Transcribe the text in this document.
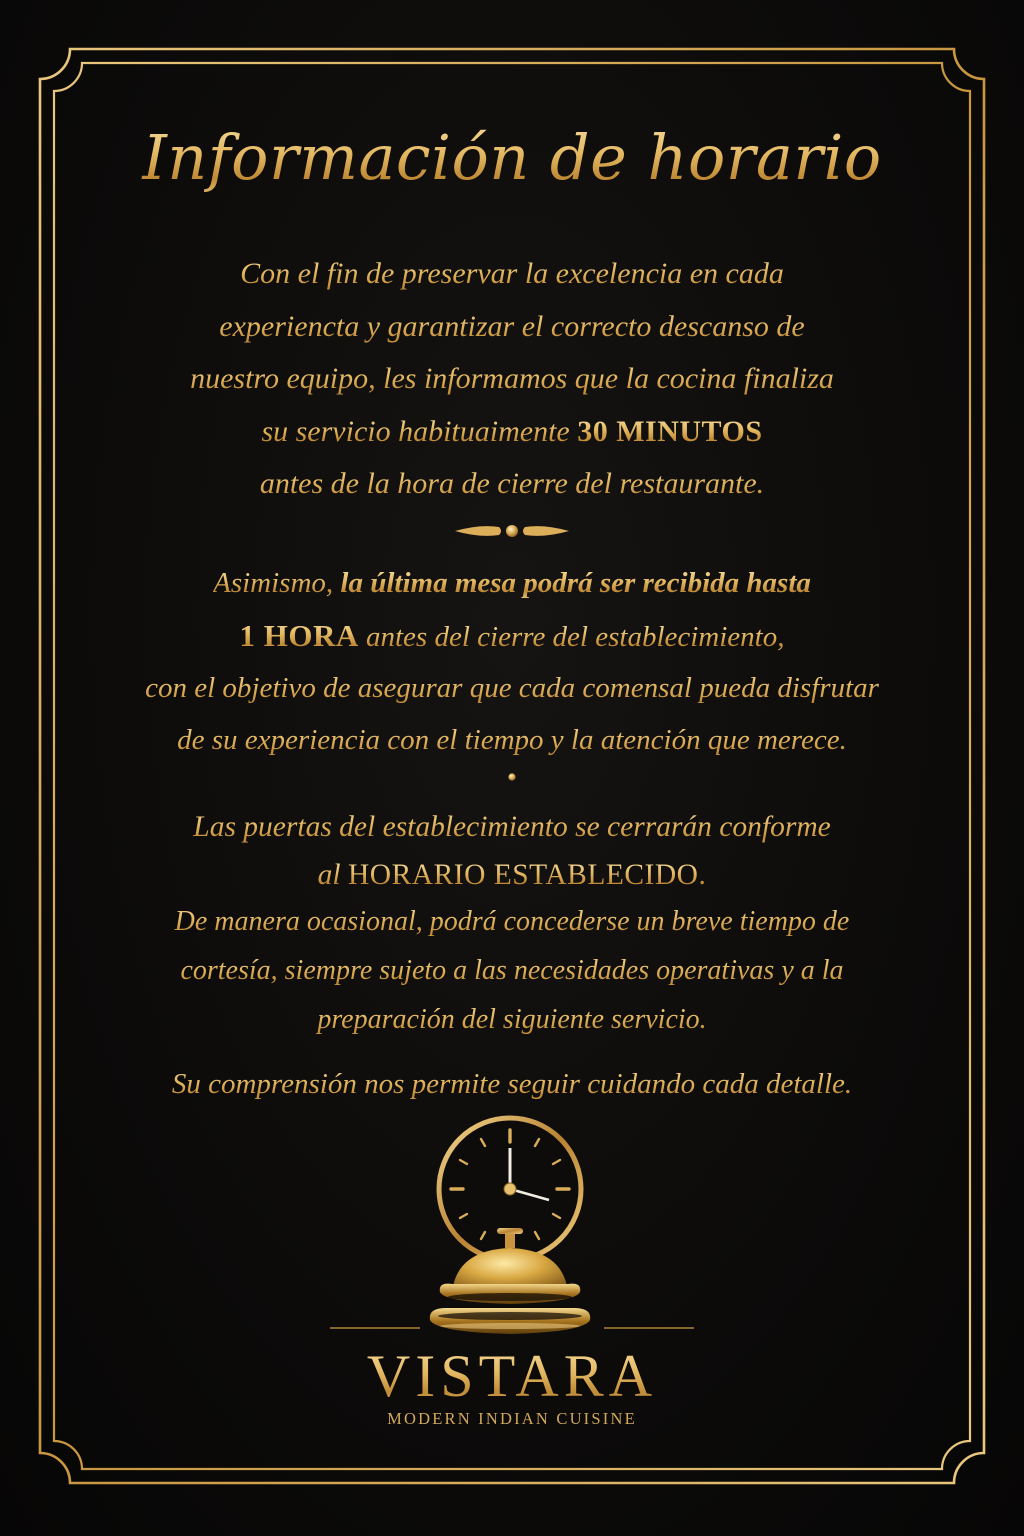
Información de horario
Con el fin de preservar la excelencia en cada
experiencta y garantizar el correcto descanso de
nuestro equipo, les informamos que la cocina finaliza
su servicio habituaimente 30 MINUTOS
antes de la hora de cierre del restaurante.
Asimismo, la última mesa podrá ser recibida hasta
1 HORA antes del cierre del establecimiento,
con el objetivo de asegurar que cada comensal pueda disfrutar
de su experiencia con el tiempo y la atención que merece.
Las puertas del establecimiento se cerrarán conforme
al HORARIO ESTABLECIDO.
De manera ocasional, podrá concederse un breve tiempo de
cortesía, siempre sujeto a las necesidades operativas y a la
preparación del siguiente servicio.
Su comprensión nos permite seguir cuidando cada detalle.
VISTARA
MODERN INDIAN CUISINE
